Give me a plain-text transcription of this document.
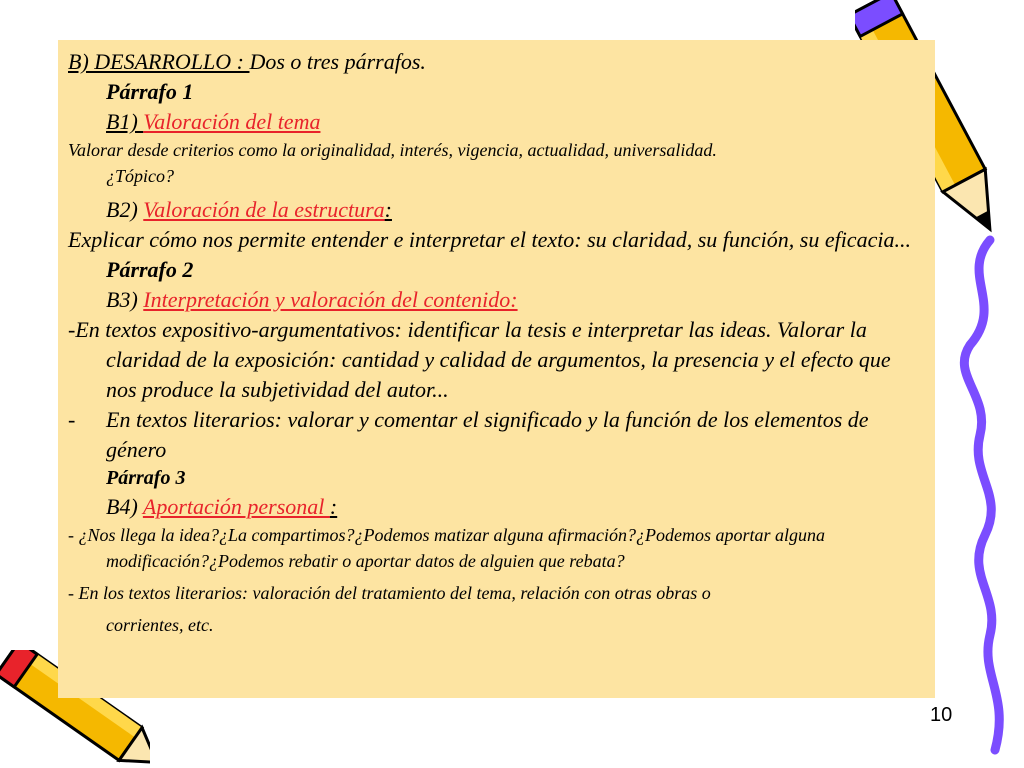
B) DESARROLLO : Dos o tres párrafos.

Párrafo 1

B1) Valoración del tema

Valorar desde criterios como la originalidad, interés, vigencia, actualidad, universalidad.

¿Tópico?

B2) Valoración de la estructura:

Explicar cómo nos permite entender e interpretar el texto: su claridad, su función, su eficacia...

Párrafo 2

B3) Interpretación y valoración del contenido:

-En textos expositivo-argumentativos: identificar la tesis e interpretar las ideas. Valorar la claridad de la exposición: cantidad y calidad de argumentos, la presencia y el efecto que nos produce la subjetividad del autor...

-	En textos literarios: valorar y comentar el significado y la función de los elementos de género

Párrafo 3

B4) Aportación personal :

- ¿Nos llega la idea?¿La compartimos?¿Podemos matizar alguna afirmación?¿Podemos aportar alguna modificación?¿Podemos rebatir o aportar datos de alguien que rebata?

- En los textos literarios: valoración del tratamiento del tema, relación con otras obras o

corrientes, etc.

10
